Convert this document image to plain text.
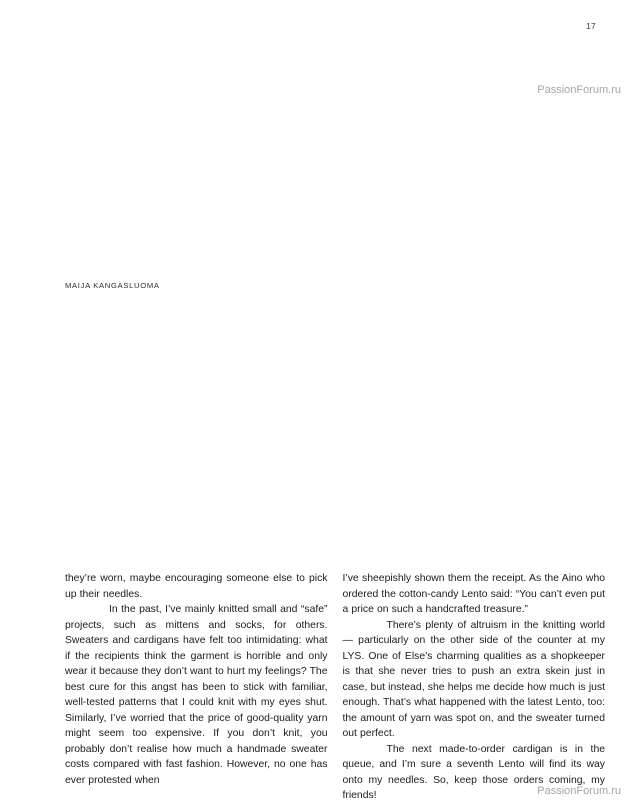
17
MAIJA KANGASLUOMA
PassionForum.ru

they’re worn, maybe encouraging someone else to pick up their needles.

In the past, I’ve mainly knitted small and “safe” projects, such as mittens and socks, for others. Sweaters and cardigans have felt too intimidating: what if the recipients think the garment is horrible and only wear it because they don’t want to hurt my feelings? The best cure for this angst has been to stick with familiar, well-tested patterns that I could knit with my eyes shut. Similarly, I’ve worried that the price of good-quality yarn might seem too expensive. If you don’t knit, you probably don’t realise how much a handmade sweater costs compared with fast fashion. However, no one has ever protested when

I’ve sheepishly shown them the receipt. As the Aino who ordered the cotton-candy Lento said: “You can’t even put a price on such a handcrafted treasure.”

There’s plenty of altruism in the knitting world — particularly on the other side of the counter at my LYS. One of Else’s charming qualities as a shopkeeper is that she never tries to push an extra skein just in case, but instead, she helps me decide how much is just enough. That’s what happened with the latest Lento, too: the amount of yarn was spot on, and the sweater turned out perfect.

The next made-to-order cardigan is in the queue, and I’m sure a seventh Lento will find its way onto my needles. So, keep those orders coming, my friends!	PassionForum.ru
